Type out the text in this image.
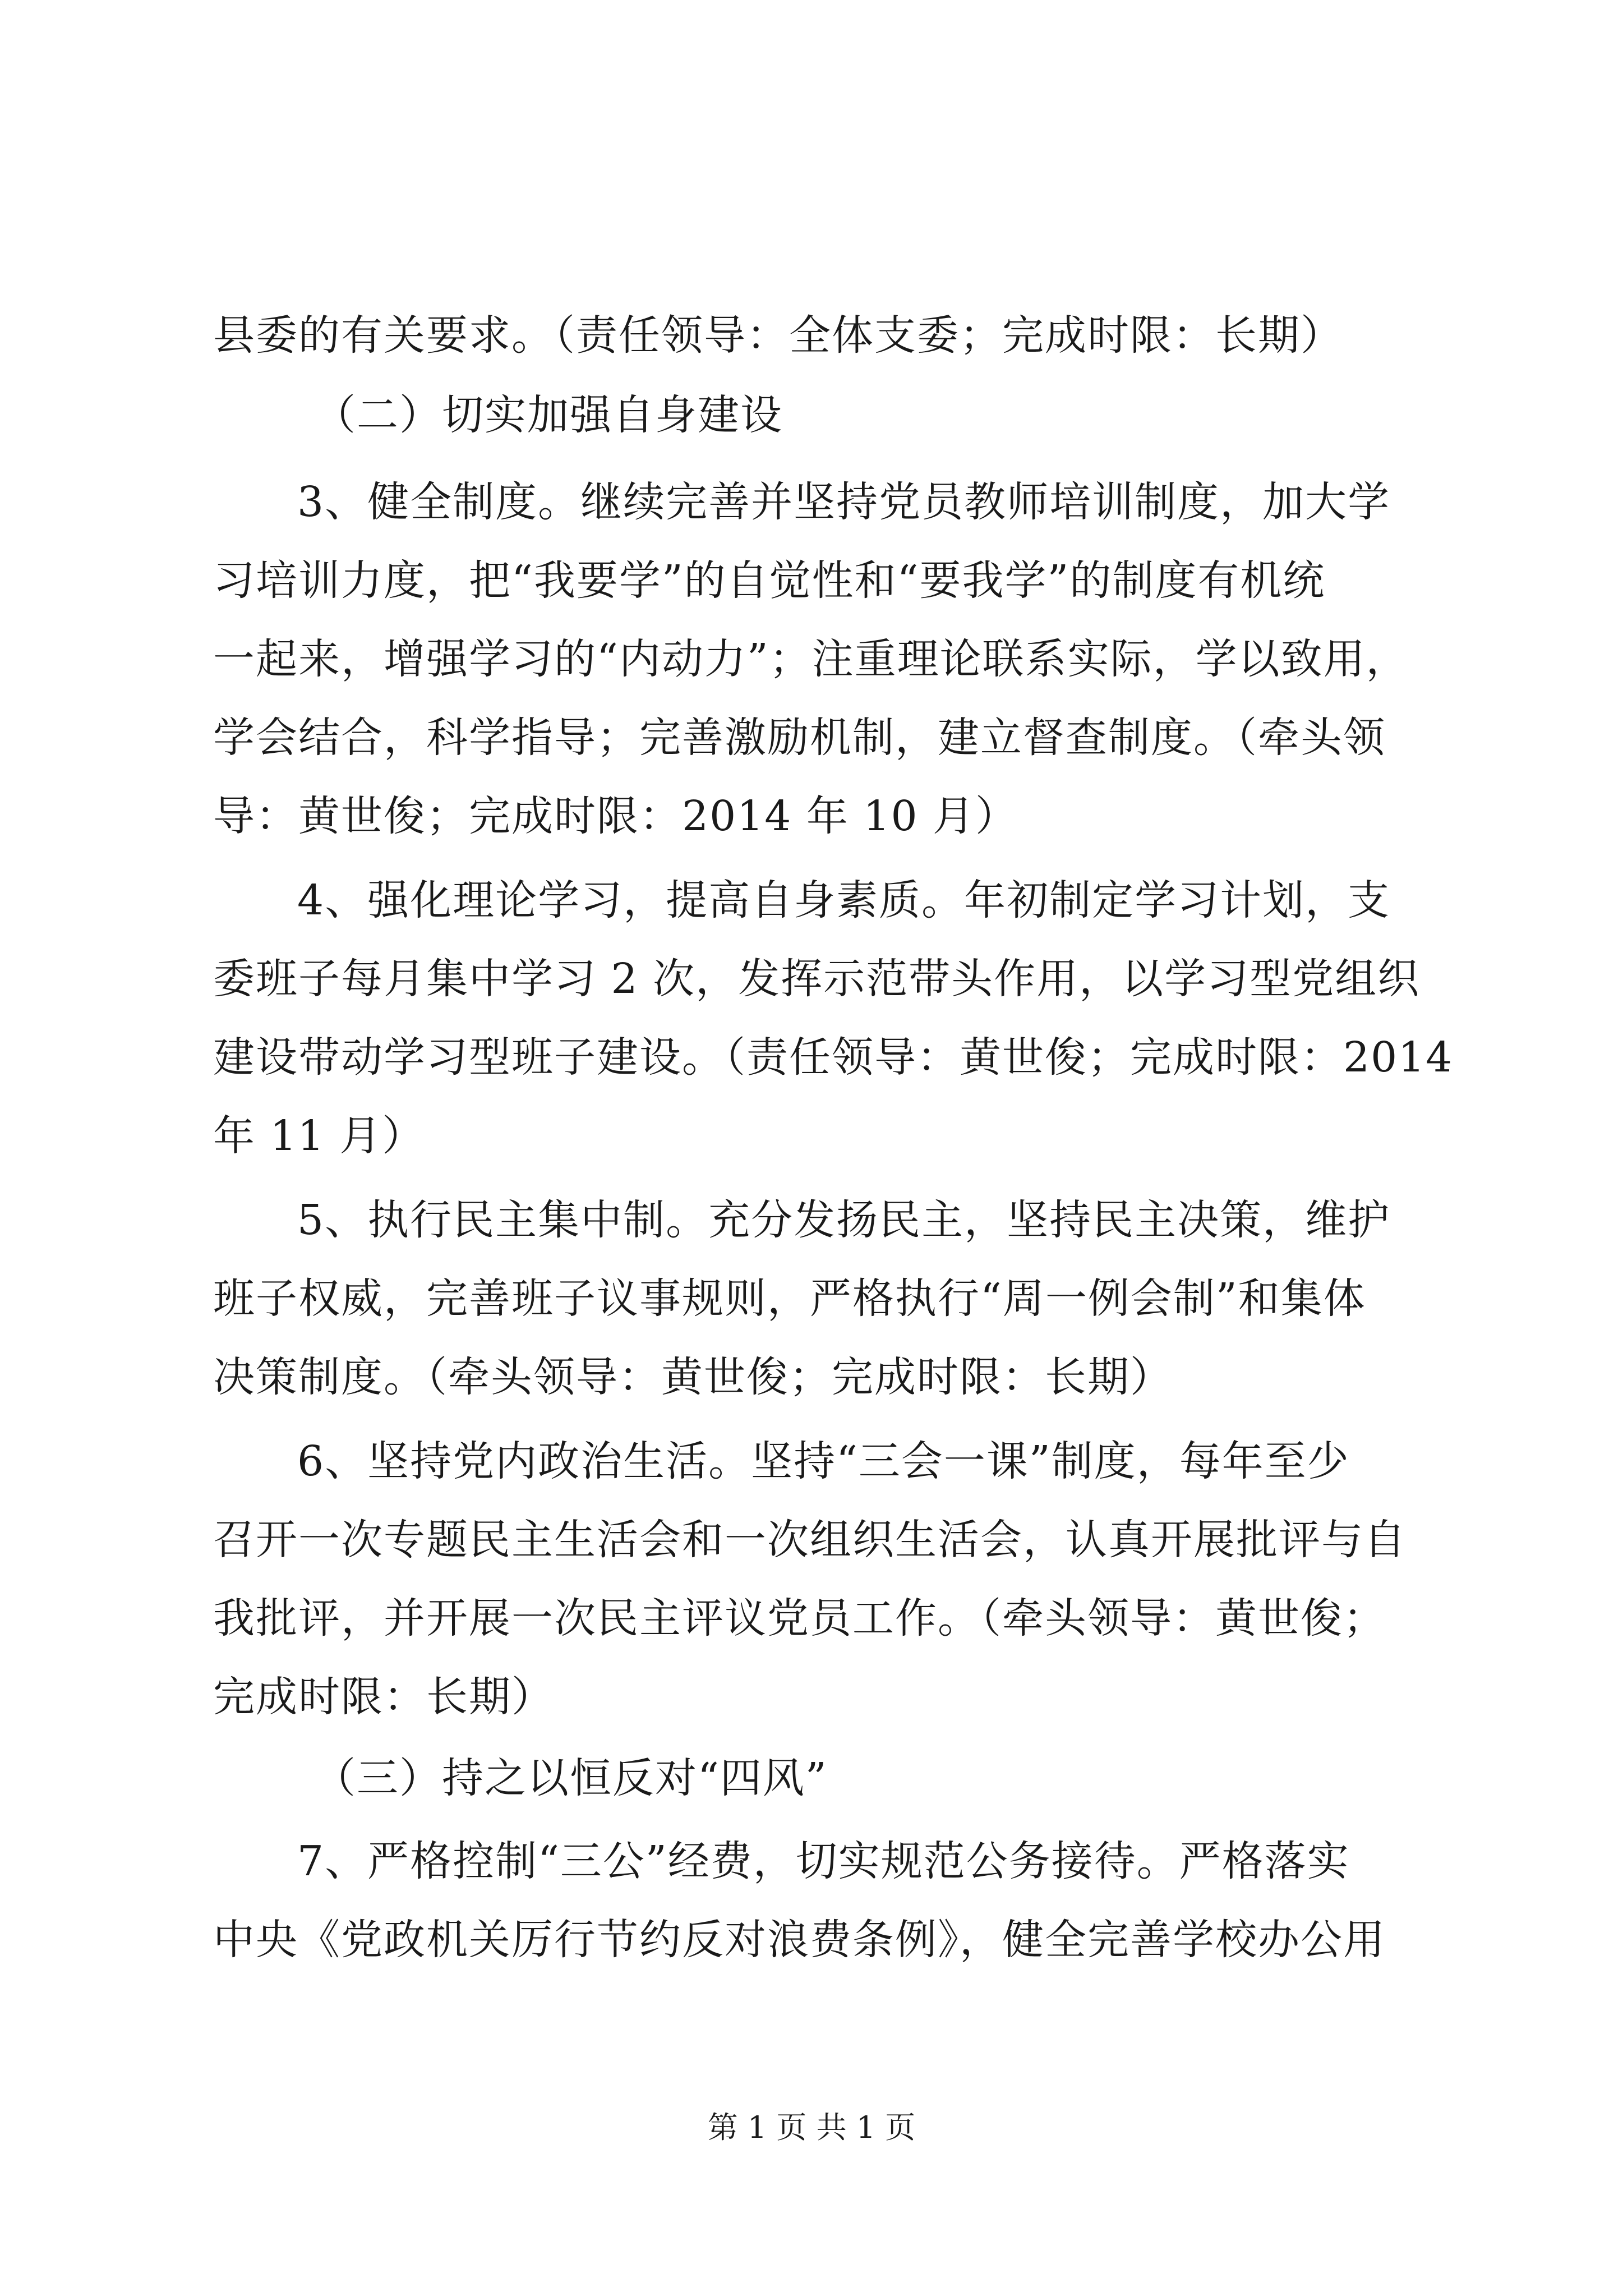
县委的有关要求。（责任领导：全体支委；完成时限：长期）
（二）切实加强自身建设
3、健全制度。继续完善并坚持党员教师培训制度，加大学
习培训力度，把“我要学”的自觉性和“要我学”的制度有机统
一起来，增强学习的“内动力”；注重理论联系实际，学以致用，
学会结合，科学指导；完善激励机制，建立督查制度。（牵头领
导：黄世俊；完成时限：2014 年 10 月）
4、强化理论学习，提高自身素质。年初制定学习计划，支
委班子每月集中学习 2 次，发挥示范带头作用，以学习型党组织
建设带动学习型班子建设。（责任领导：黄世俊；完成时限：2014
年 11 月）
5、执行民主集中制。充分发扬民主，坚持民主决策，维护
班子权威，完善班子议事规则，严格执行“周一例会制”和集体
决策制度。（牵头领导：黄世俊；完成时限：长期）
6、坚持党内政治生活。坚持“三会一课”制度，每年至少
召开一次专题民主生活会和一次组织生活会，认真开展批评与自
我批评，并开展一次民主评议党员工作。（牵头领导：黄世俊；
完成时限：长期）
（三）持之以恒反对“四风”
7、严格控制“三公”经费，切实规范公务接待。严格落实
中央《党政机关厉行节约反对浪费条例》，健全完善学校办公用
第 1 页 共 1 页
